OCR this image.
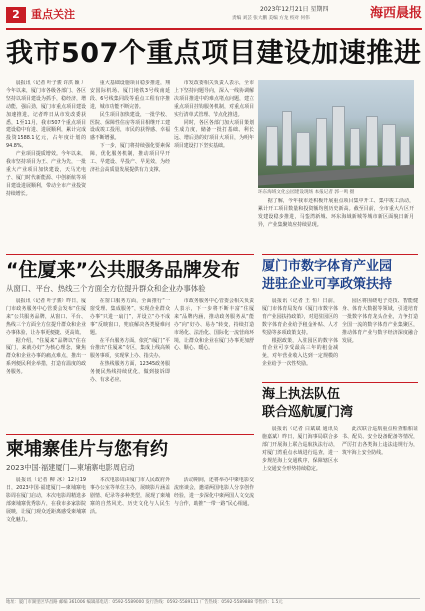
2	重点关注	2023年12月21日 星期四
责编 刘芸 张大鹏 美编 方龙 校对 何伟	海西晨报
我市507个重点项目建设加速推进

晨报讯（记者 叶子骏 许洪 颖 ）今年以来，厦门市各级各部门、各区坚持以项目建设为抓手，稳经济，增动能，强后劲，厦门市重点项目建设加速推进。记者昨日从市发改委获悉，1至11月，我市507个重点项目建设稳中有进、进展顺利，累计完成投资1588.1亿元，占年度计划的94.8%。

产业项目提质增效。今年以来，我市坚持项目为王、产业为先，一批重大产业项目加快建设，天马光电子、厦门时代新能源、中创新航等项目建设进展顺利，带动全市产业投资持续增长。

重大基础设施项目稳步推进，翔安国际机场、厦门地铁3号线南延段、6号线集同段等重点工程有序推进，城市功能不断完善。

民生项目加快建设，一批学校、医院、保障性住房等项目相继开工建设或竣工投用，市民的获得感、幸福感不断增强。

下一步，厦门将持续强化要素保障，优化服务机制，推动项目早开工、早建设、早投产、早见效，为经济社会高质量发展提供有力支撑。

市发改委相关负责人表示，全市上下坚持问题导向，深入一线协调解决项目推进中的难点堵点问题，建立重点项目挂钩服务机制，对重点项目实行清单式管理、节点化推进。

同时，各区各部门加大项目策划生成力度，储备一批打基础、利长远、增后劲的好项目大项目，为明年项目建设打下坚实基础。

环东海域文化公园建设现场 本报记者 郭一鸣 摄

据了解，今年我市还积极开展重点项目集中开工、集中竣工活动，累计开工项目数量和投资额均创历史新高。截至目前，全市重大片区开发建设稳步推进，马銮湾新城、环东海域新城等城市新区面貌日新月异，产业集聚效应持续显现。

“住厦来”公共服务品牌发布
从窗口、平台、热线三个方面全方位提升群众和企业办事体验

晨报讯（记者 叶子骏）昨日，厦门市政务服务中心管委会发布“住厦来”公共服务品牌，从窗口、平台、热线三个方面全方位提升群众和企业办事体验，让办事更便捷、更高效。

据介绍，“住厦来”品牌以“住在厦门，来就办好”为核心理念，聚焦群众和企业办事的痛点难点，推出一系列便民利企举措，打造有温度的政务服务。

在窗口服务方面，全面推行“一窗受理、集成服务”，实现企业群众办事“只进一扇门”，并设立“办不成事”反映窗口，兜底解决各类疑难问题。

在平台服务方面，依托“i厦门”平台推出“住厦来”专区，集成上线高频服务事项，实现掌上办、指尖办。

在热线服务方面，12345政务服务便民热线持续优化，做到接诉即办、有求必应。

市政务服务中心管委会相关负责人表示，下一步将不断丰富“住厦来”品牌内涵，推动政务服务从“能办”向“好办、易办”转变，持续打造市场化、法治化、国际化一流营商环境，让群众和企业在厦门办事更加舒心、顺心、暖心。

厦门市数字体育产业园
进驻企业可享政策扶持

晨报讯（记者 王 恒）日前，厦门市体育局发布《厦门市数字体育产业园扶持政策》，对进驻园区的数字体育企业给予租金补贴、人才奖励等多项政策支持。

根据政策，入驻园区的数字体育企业可享受最高三年的租金减免，对年营业收入达到一定规模的企业给予一次性奖励。

园区将围绕电子竞技、智能健身、体育大数据等领域，引进培育一批数字体育龙头企业，力争打造全国一流的数字体育产业集聚区，推动体育产业与数字经济深度融合发展。

柬埔寨佳片与您有约
2023中国·福建厦门—柬埔寨电影周启动

晨报讯（记者 柳 冰）12月19日，2023中国·福建厦门—柬埔寨电影周在厦门启动，本次电影周精选多部柬埔寨优秀影片，在我市多家影院展映，让厦门观众近距离感受柬埔寨文化魅力。

本次电影周由厦门市人民政府外事办公室等单位主办，展映影片涵盖剧情、纪录等多种类型，展现了柬埔寨的自然风光、历史文化与人民生活。

活动期间，还将举办中柬电影交流座谈会，邀请两国电影人分享创作经验，进一步深化中柬两国人文交流与合作，助推“一带一路”民心相通。

海上执法队伍
联合巡航厦门湾

晨报讯（记者 白斌斌 通讯员 施嘉斌）昨日，厦门海事局联合多部门开展海上联合巡航执法行动，对厦门湾重点水域进行巡查，进一步规范海上交通秩序，保障辖区水上交通安全形势持续稳定。

此次联合巡航重点检查船舶证书、配员、安全设备配备等情况，严厉打击各类海上违法违规行为，筑牢海上安全防线。

地址：厦门市湖里区华昌路 邮编 361006 编辑部电话：0592-5589000 发行热线：0592-5589111 广告热线：0592-5589888 零售价：1.5元
